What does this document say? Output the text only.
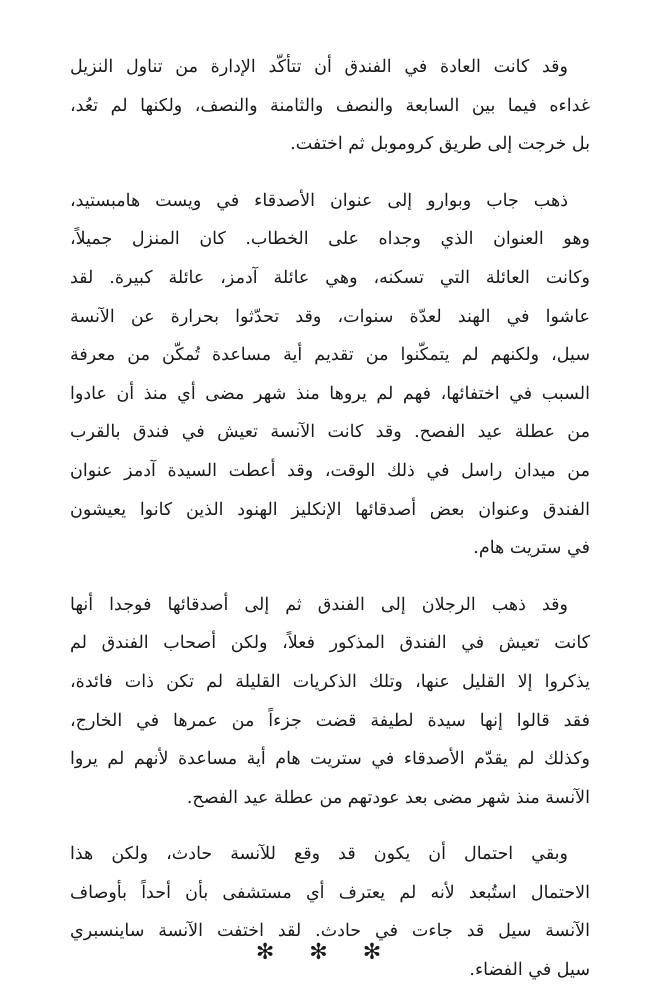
وقد كانت العادة في الفندق أن تتأكّد الإدارة من تناول النزيل
غداءه فيما بين السابعة والنصف والثامنة والنصف، ولكنها لم تعُد،
بل خرجت إلى طريق كروموبل ثم اختفت.

ذهب جاب وبوارو إلى عنوان الأصدقاء في ويست هامبستيد،
وهو العنوان الذي وجداه على الخطاب. كان المنزل جميلاً،
وكانت العائلة التي تسكنه، وهي عائلة آدمز، عائلة كبيرة. لقد
عاشوا في الهند لعدّة سنوات، وقد تحدّثوا بحرارة عن الآنسة
سيل، ولكنهم لم يتمكّنوا من تقديم أية مساعدة تُمكّن من معرفة
السبب في اختفائها، فهم لم يروها منذ شهر مضى أي منذ أن عادوا
من عطلة عيد الفصح. وقد كانت الآنسة تعيش في فندق بالقرب
من ميدان راسل في ذلك الوقت، وقد أعطت السيدة آدمز عنوان
الفندق وعنوان بعض أصدقائها الإنكليز الهنود الذين كانوا يعيشون
في ستريت هام.

وقد ذهب الرجلان إلى الفندق ثم إلى أصدقائها فوجدا أنها
كانت تعيش في الفندق المذكور فعلاً، ولكن أصحاب الفندق لم
يذكروا إلا القليل عنها، وتلك الذكريات القليلة لم تكن ذات فائدة،
فقد قالوا إنها سيدة لطيفة قضت جزءاً من عمرها في الخارج،
وكذلك لم يقدّم الأصدقاء في ستريت هام أية مساعدة لأنهم لم يروا
الآنسة منذ شهر مضى بعد عودتهم من عطلة عيد الفصح.

وبقي احتمال أن يكون قد وقع للآنسة حادث، ولكن هذا
الاحتمال استُبعد لأنه لم يعترف أي مستشفى بأن أحداً بأوصاف
الآنسة سيل قد جاءت في حادث. لقد اختفت الآنسة ساينسبري
سيل في الفضاء.

✻ ✻ ✻
